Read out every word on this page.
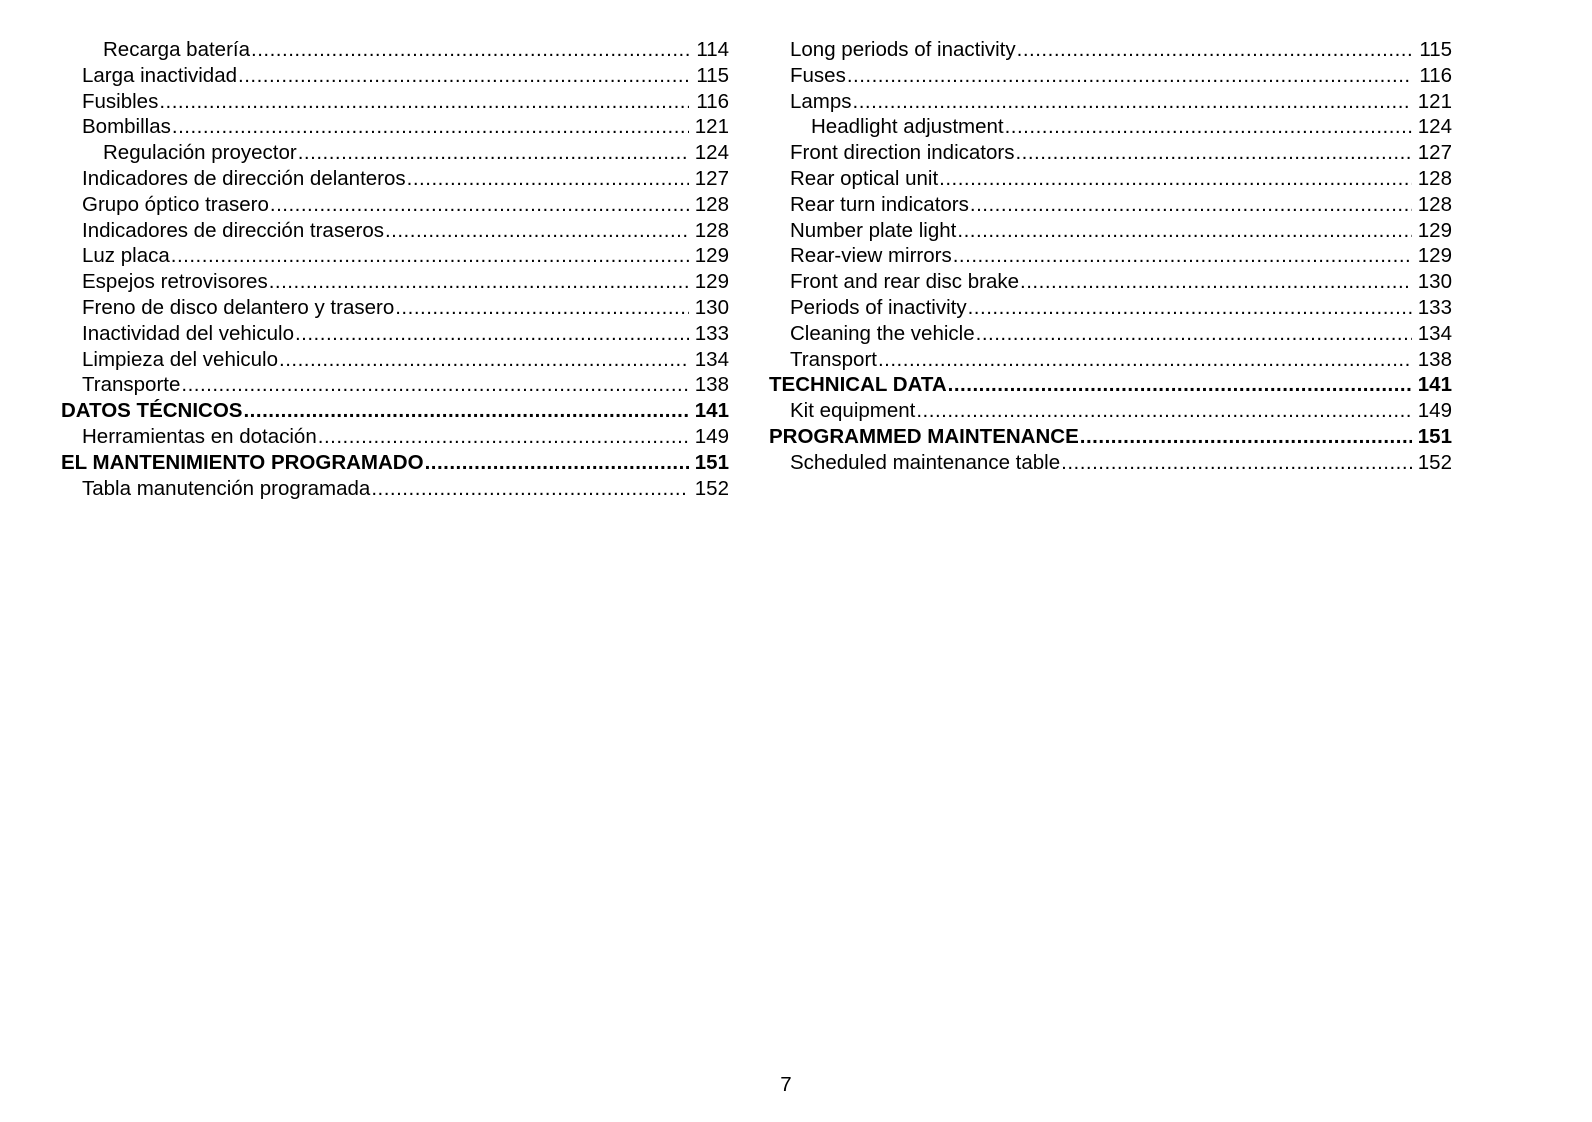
Recarga batería .....	114
Larga inactividad .....	115
Fusibles .....	116
Bombillas .....	121
Regulación proyector .....	124
Indicadores de dirección delanteros .....	127
Grupo óptico trasero .....	128
Indicadores de dirección traseros .....	128
Luz placa .....	129
Espejos retrovisores .....	129
Freno de disco delantero y trasero .....	130
Inactividad del vehiculo .....	133
Limpieza del vehiculo .....	134
Transporte .....	138
DATOS TÉCNICOS .....	141
Herramientas en dotación .....	149
EL MANTENIMIENTO PROGRAMADO .....	151
Tabla manutención programada .....	152
Long periods of inactivity .....	115
Fuses .....	116
Lamps .....	121
Headlight adjustment .....	124
Front direction indicators .....	127
Rear optical unit .....	128
Rear turn indicators .....	128
Number plate light .....	129
Rear-view mirrors .....	129
Front and rear disc brake .....	130
Periods of inactivity .....	133
Cleaning the vehicle .....	134
Transport .....	138
TECHNICAL DATA .....	141
Kit equipment .....	149
PROGRAMMED MAINTENANCE .....	151
Scheduled maintenance table .....	152
7
